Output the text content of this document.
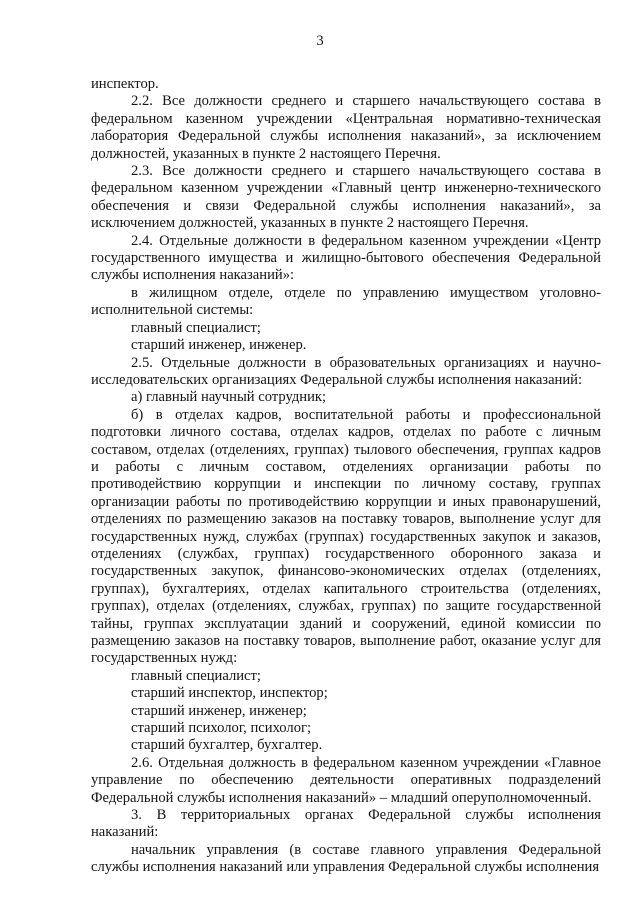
3

инспектор.

2.2. Все должности среднего и старшего начальствующего состава в федеральном казенном учреждении «Центральная нормативно-техническая лаборатория Федеральной службы исполнения наказаний», за исключением должностей, указанных в пункте 2 настоящего Перечня.

2.3. Все должности среднего и старшего начальствующего состава в федеральном казенном учреждении «Главный центр инженерно-технического обеспечения и связи Федеральной службы исполнения наказаний», за исключением должностей, указанных в пункте 2 настоящего Перечня.

2.4. Отдельные должности в федеральном казенном учреждении «Центр государственного имущества и жилищно-бытового обеспечения Федеральной службы исполнения наказаний»:

в жилищном отделе, отделе по управлению имуществом уголовно-исполнительной системы:

главный специалист;

старший инженер, инженер.

2.5. Отдельные должности в образовательных организациях и научно-исследовательских организациях Федеральной службы исполнения наказаний:

а) главный научный сотрудник;

б) в отделах кадров, воспитательной работы и профессиональной подготовки личного состава, отделах кадров, отделах по работе с личным составом, отделах (отделениях, группах) тылового обеспечения, группах кадров и работы с личным составом, отделениях организации работы по противодействию коррупции и инспекции по личному составу, группах организации работы по противодействию коррупции и иных правонарушений, отделениях по размещению заказов на поставку товаров, выполнение услуг для государственных нужд, службах (группах) государственных закупок и заказов, отделениях (службах, группах) государственного оборонного заказа и государственных закупок, финансово-экономических отделах (отделениях, группах), бухгалтериях, отделах капитального строительства (отделениях, группах), отделах (отделениях, службах, группах) по защите государственной тайны, группах эксплуатации зданий и сооружений, единой комиссии по размещению заказов на поставку товаров, выполнение работ, оказание услуг для государственных нужд:

главный специалист;

старший инспектор, инспектор;

старший инженер, инженер;

старший психолог, психолог;

старший бухгалтер, бухгалтер.

2.6. Отдельная должность в федеральном казенном учреждении «Главное управление по обеспечению деятельности оперативных подразделений Федеральной службы исполнения наказаний» – младший оперуполномоченный.

3. В территориальных органах Федеральной службы исполнения наказаний:

начальник управления (в составе главного управления Федеральной службы исполнения наказаний или управления Федеральной службы исполнения
